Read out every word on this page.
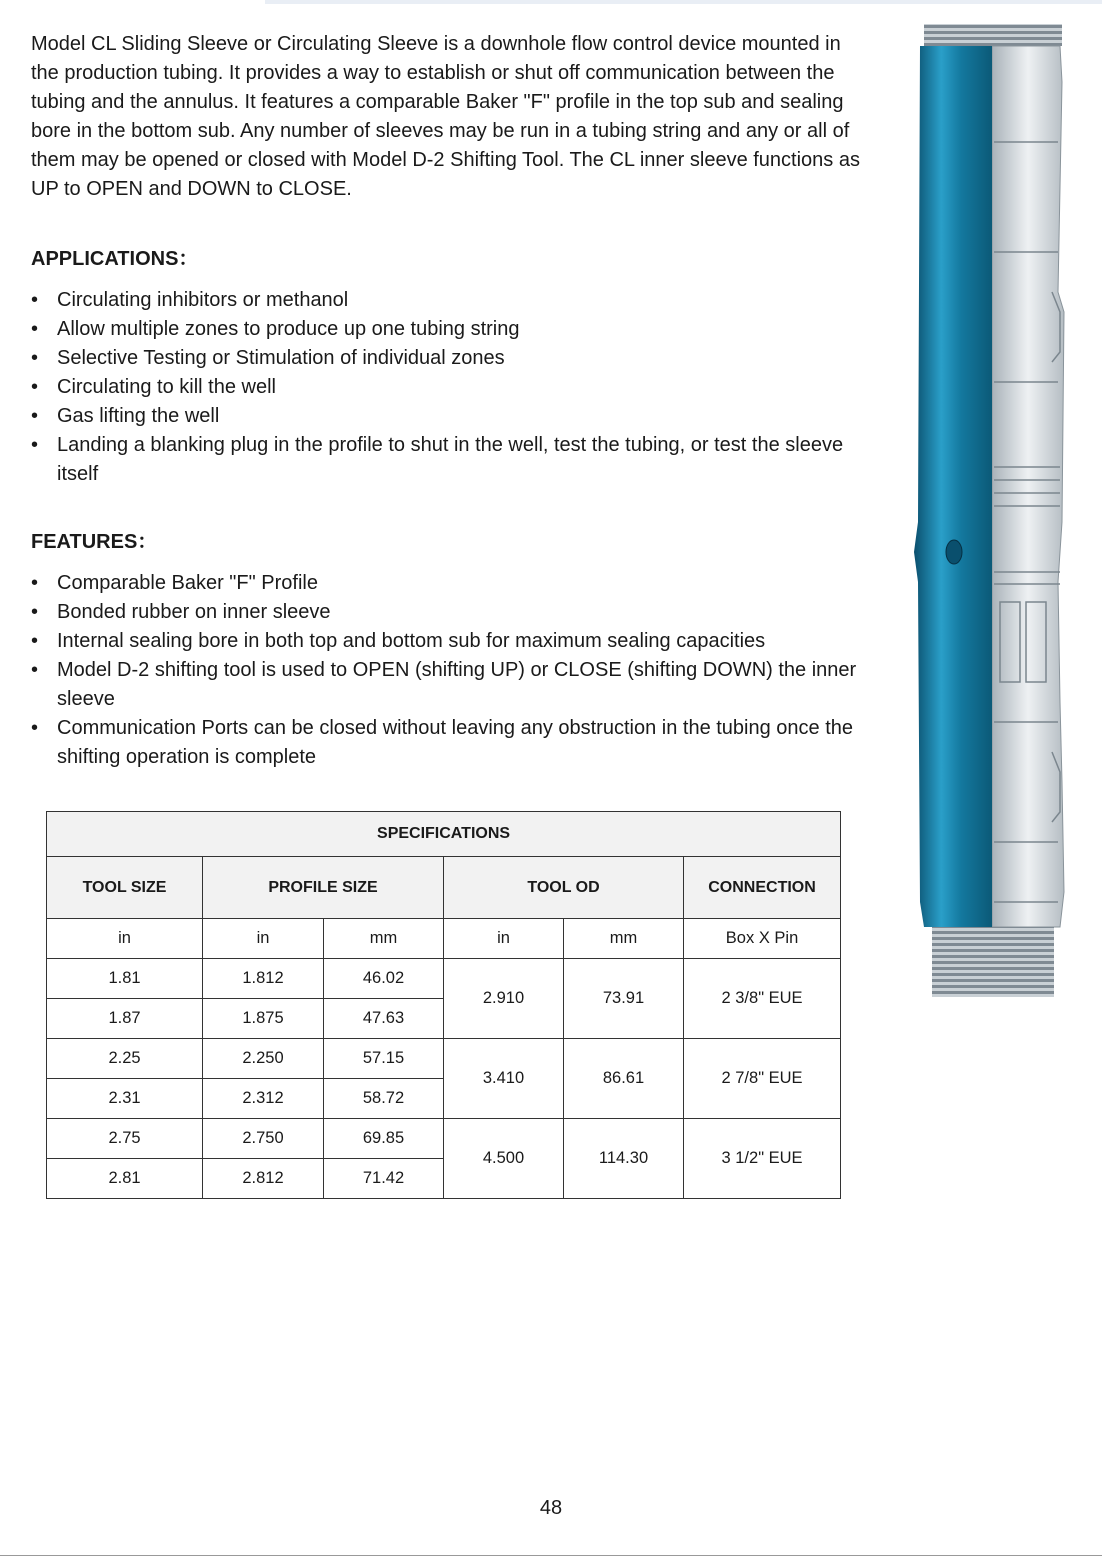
Model CL Sliding Sleeve or Circulating Sleeve is a downhole flow control device mounted in the production tubing. It provides a way to establish or shut off communication between the tubing and the annulus. It features a comparable Baker "F" profile in the top sub and sealing bore in the bottom sub. Any number of sleeves may be run in a tubing string and any or all of them may be opened or closed with Model D-2 Shifting Tool. The CL inner sleeve functions as UP to OPEN and DOWN to CLOSE.

APPLICATIONS：

• Circulating inhibitors or methanol
• Allow multiple zones to produce up one tubing string
• Selective Testing or Stimulation of individual zones
• Circulating to kill the well
• Gas lifting the well
• Landing a blanking plug in the profile to shut in the well, test the tubing, or test the sleeve itself

FEATURES：

• Comparable Baker "F" Profile
• Bonded rubber on inner sleeve
• Internal sealing bore in both top and bottom sub for maximum sealing capacities
• Model D-2 shifting tool is used to OPEN (shifting UP) or CLOSE (shifting DOWN) the inner sleeve
• Communication Ports can be closed without leaving any obstruction in the tubing once the shifting operation is complete
SPECIFICATIONS					
TOOL SIZE	PROFILE SIZE		TOOL OD		CONNECTION
in	in	mm	in	mm	Box X Pin
1.81	1.812	46.02	2.910	73.91	2 3/8" EUE
1.87	1.875	47.63			
2.25	2.250	57.15	3.410	86.61	2 7/8" EUE
2.31	2.312	58.72			
2.75	2.750	69.85	4.500	114.30	3 1/2" EUE
2.81	2.812	71.42			
48
